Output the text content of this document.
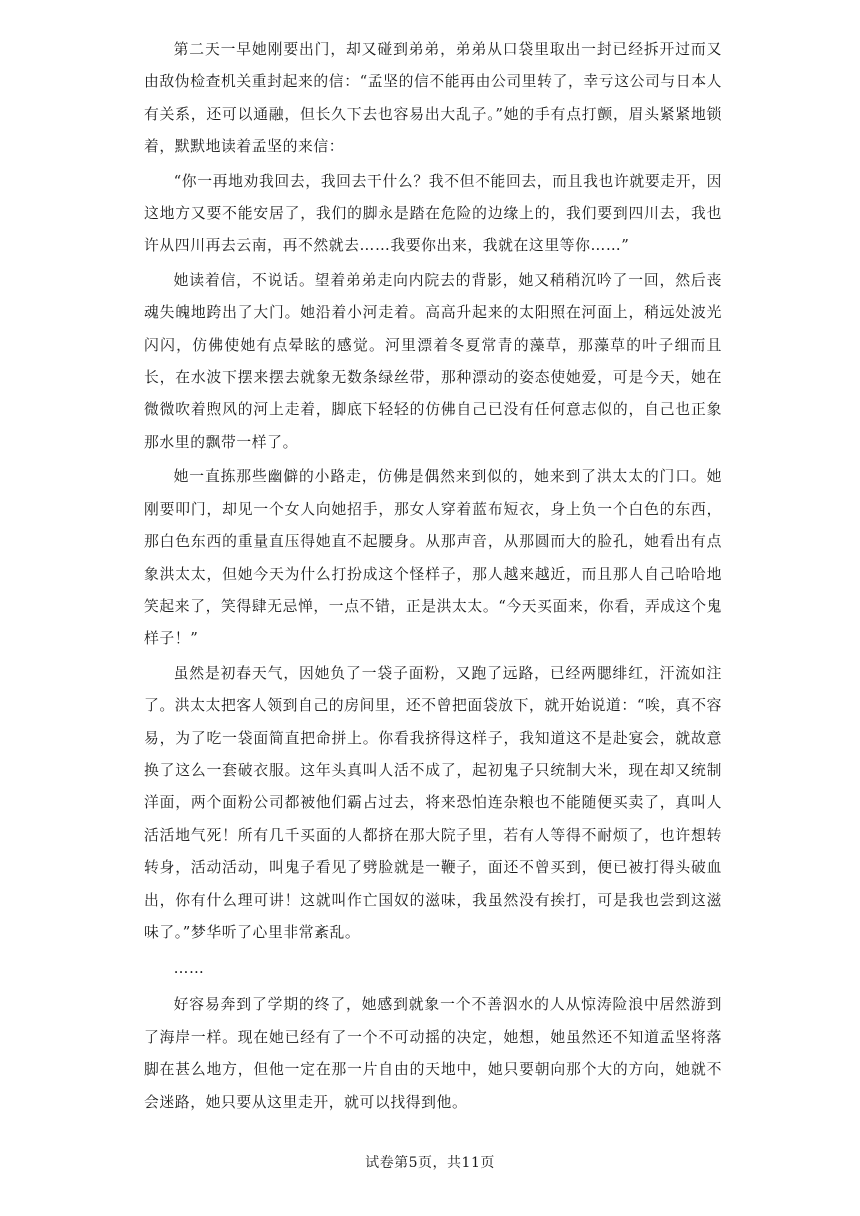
第二天一早她刚要出门，却又碰到弟弟，弟弟从口袋里取出一封已经拆开过而又由敌伪检查机关重封起来的信：“孟坚的信不能再由公司里转了，幸亏这公司与日本人有关系，还可以通融，但长久下去也容易出大乱子。”她的手有点打颤，眉头紧紧地锁着，默默地读着孟坚的来信：

“你一再地劝我回去，我回去干什么？我不但不能回去，而且我也许就要走开，因这地方又要不能安居了，我们的脚永是踏在危险的边缘上的，我们要到四川去，我也许从四川再去云南，再不然就去……我要你出来，我就在这里等你……”

她读着信，不说话。望着弟弟走向内院去的背影，她又稍稍沉吟了一回，然后丧魂失魄地跨出了大门。她沿着小河走着。高高升起来的太阳照在河面上，稍远处波光闪闪，仿佛使她有点晕眩的感觉。河里漂着冬夏常青的藻草，那藻草的叶子细而且长，在水波下摆来摆去就象无数条绿丝带，那种漂动的姿态使她爱，可是今天，她在微微吹着煦风的河上走着，脚底下轻轻的仿佛自己已没有任何意志似的，自己也正象那水里的飘带一样了。

她一直拣那些幽僻的小路走，仿佛是偶然来到似的，她来到了洪太太的门口。她刚要叩门，却见一个女人向她招手，那女人穿着蓝布短衣，身上负一个白色的东西，那白色东西的重量直压得她直不起腰身。从那声音，从那圆而大的脸孔，她看出有点象洪太太，但她今天为什么打扮成这个怪样子，那人越来越近，而且那人自己哈哈地笑起来了，笑得肆无忌惮，一点不错，正是洪太太。“今天买面来，你看，弄成这个鬼样子！”

虽然是初春天气，因她负了一袋子面粉，又跑了远路，已经两腮绯红，汗流如注了。洪太太把客人领到自己的房间里，还不曾把面袋放下，就开始说道：“唉，真不容易，为了吃一袋面简直把命拼上。你看我挤得这样子，我知道这不是赴宴会，就故意换了这么一套破衣服。这年头真叫人活不成了，起初鬼子只统制大米，现在却又统制洋面，两个面粉公司都被他们霸占过去，将来恐怕连杂粮也不能随便买卖了，真叫人活活地气死！所有几千买面的人都挤在那大院子里，若有人等得不耐烦了，也许想转转身，活动活动，叫鬼子看见了劈脸就是一鞭子，面还不曾买到，便已被打得头破血出，你有什么理可讲！这就叫作亡国奴的滋味，我虽然没有挨打，可是我也尝到这滋味了。”梦华听了心里非常紊乱。

……

好容易奔到了学期的终了，她感到就象一个不善泅水的人从惊涛险浪中居然游到了海岸一样。现在她已经有了一个不可动摇的决定，她想，她虽然还不知道孟坚将落脚在甚么地方，但他一定在那一片自由的天地中，她只要朝向那个大的方向，她就不会迷路，她只要从这里走开，就可以找得到他。

试卷第5页，共11页
